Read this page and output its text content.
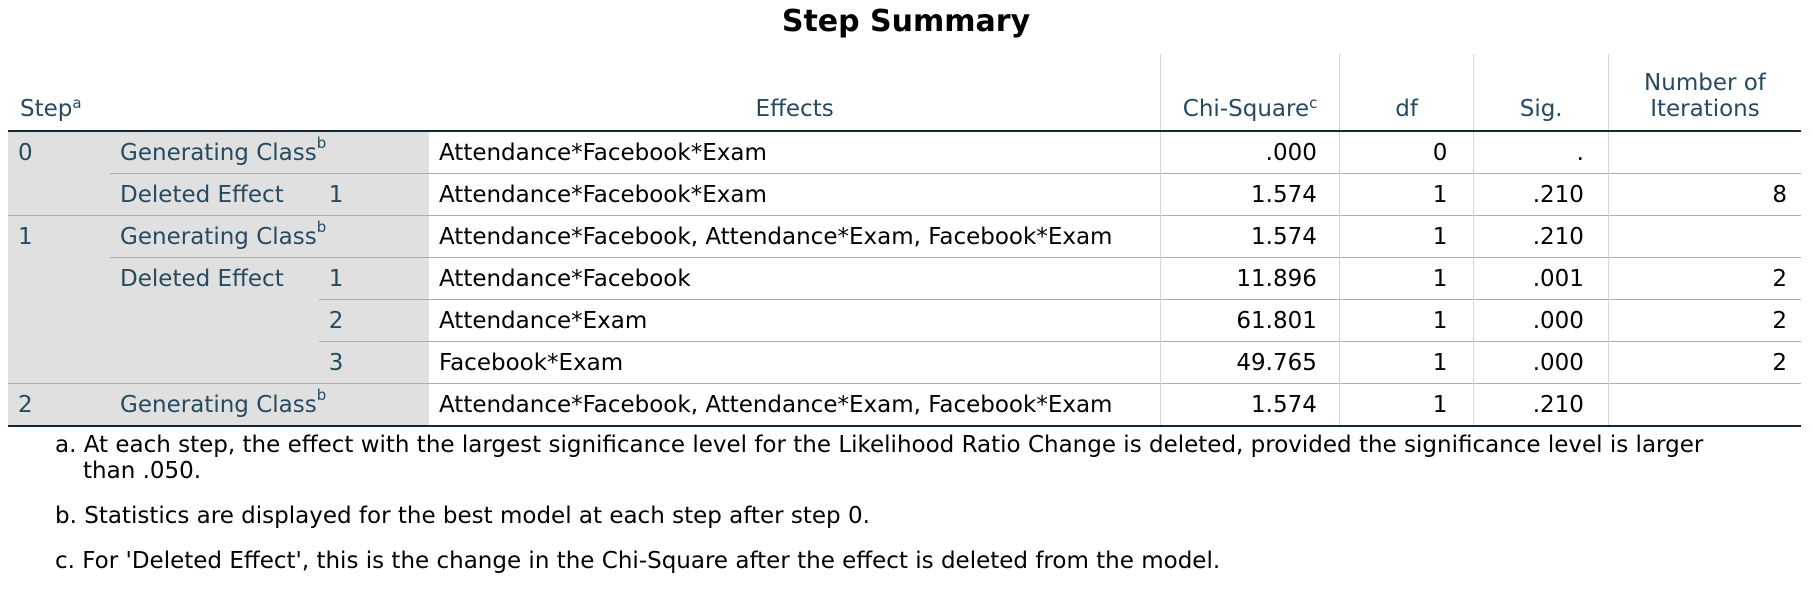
Step Summary
Step$^a$			Effects	Chi-Square$^c$	df	Sig.	Number of
Iterations
0	Generating Class$^b$		Attendance*Facebook*Exam	.000	0	.	
	Deleted Effect	1	Attendance*Facebook*Exam	1.574	1	.210	8
1	Generating Class$^b$		Attendance*Facebook, Attendance*Exam, Facebook*Exam	1.574	1	.210	
	Deleted Effect	1	Attendance*Facebook	11.896	1	.001	2
		2	Attendance*Exam	61.801	1	.000	2
		3	Facebook*Exam	49.765	1	.000	2
2	Generating Class$^b$		Attendance*Facebook, Attendance*Exam, Facebook*Exam	1.574	1	.210	
a. At each step, the effect with the largest significance level for the Likelihood Ratio Change is deleted, provided the significance level is larger than .050.
b. Statistics are displayed for the best model at each step after step 0.
c. For 'Deleted Effect', this is the change in the Chi-Square after the effect is deleted from the model.
